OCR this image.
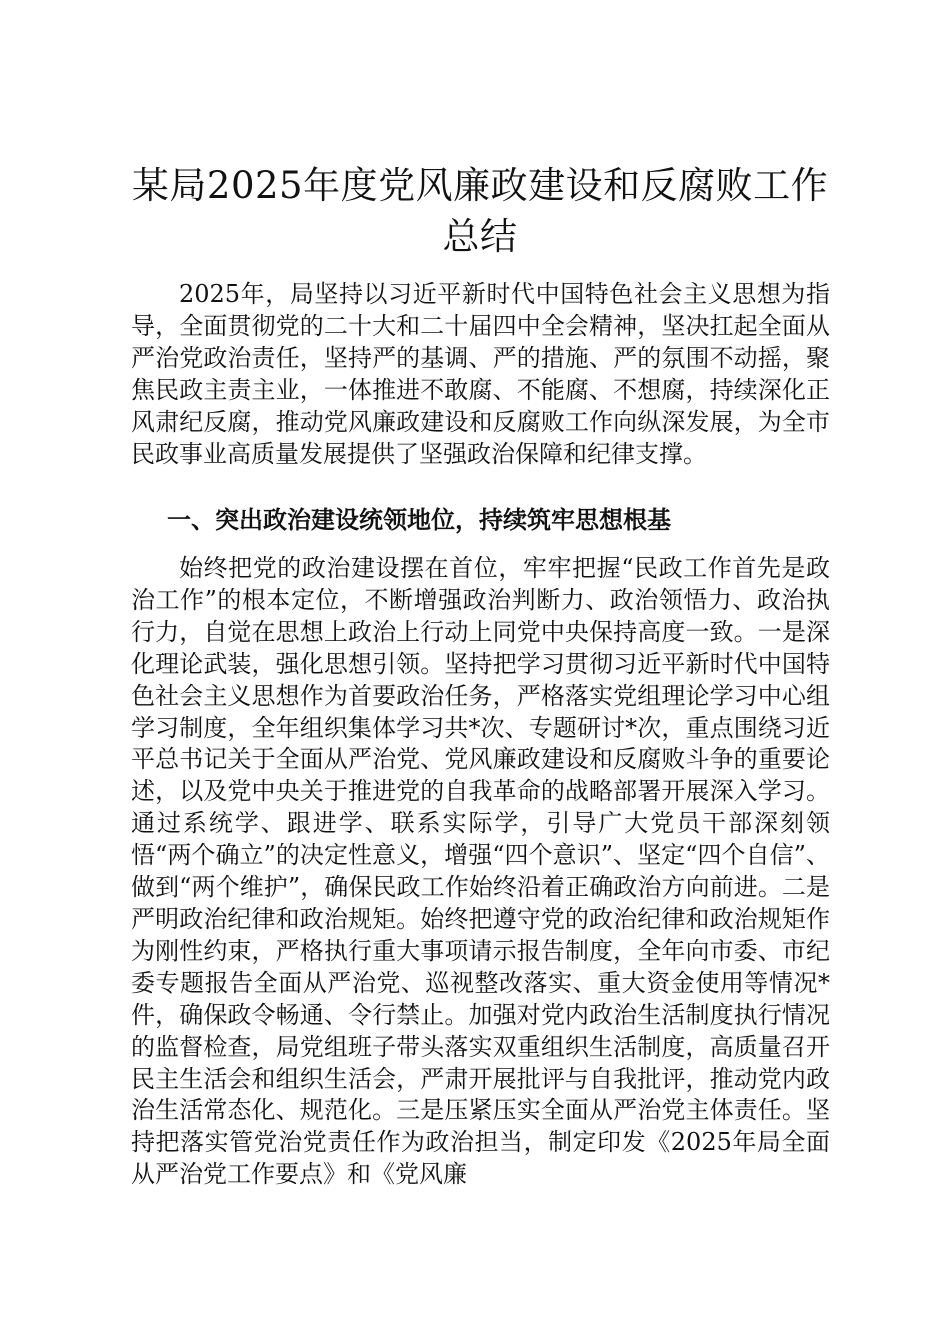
某局2025年度党风廉政建设和反腐败工作总结

2025年，局坚持以习近平新时代中国特色社会主义思想为指导，全面贯彻党的二十大和二十届四中全会精神，坚决扛起全面从严治党政治责任，坚持严的基调、严的措施、严的氛围不动摇，聚焦民政主责主业，一体推进不敢腐、不能腐、不想腐，持续深化正风肃纪反腐，推动党风廉政建设和反腐败工作向纵深发展，为全市民政事业高质量发展提供了坚强政治保障和纪律支撑。

一、突出政治建设统领地位，持续筑牢思想根基

始终把党的政治建设摆在首位，牢牢把握“民政工作首先是政治工作”的根本定位，不断增强政治判断力、政治领悟力、政治执行力，自觉在思想上政治上行动上同党中央保持高度一致。一是深化理论武装，强化思想引领。坚持把学习贯彻习近平新时代中国特色社会主义思想作为首要政治任务，严格落实党组理论学习中心组学习制度，全年组织集体学习共*次、专题研讨*次，重点围绕习近平总书记关于全面从严治党、党风廉政建设和反腐败斗争的重要论述，以及党中央关于推进党的自我革命的战略部署开展深入学习。通过系统学、跟进学、联系实际学，引导广大党员干部深刻领悟“两个确立”的决定性意义，增强“四个意识”、坚定“四个自信”、做到“两个维护”，确保民政工作始终沿着正确政治方向前进。二是严明政治纪律和政治规矩。始终把遵守党的政治纪律和政治规矩作为刚性约束，严格执行重大事项请示报告制度，全年向市委、市纪委专题报告全面从严治党、巡视整改落实、重大资金使用等情况*件，确保政令畅通、令行禁止。加强对党内政治生活制度执行情况的监督检查，局党组班子带头落实双重组织生活制度，高质量召开民主生活会和组织生活会，严肃开展批评与自我批评，推动党内政治生活常态化、规范化。三是压紧压实全面从严治党主体责任。坚持把落实管党治党责任作为政治担当，制定印发《2025年局全面从严治党工作要点》和《党风廉
